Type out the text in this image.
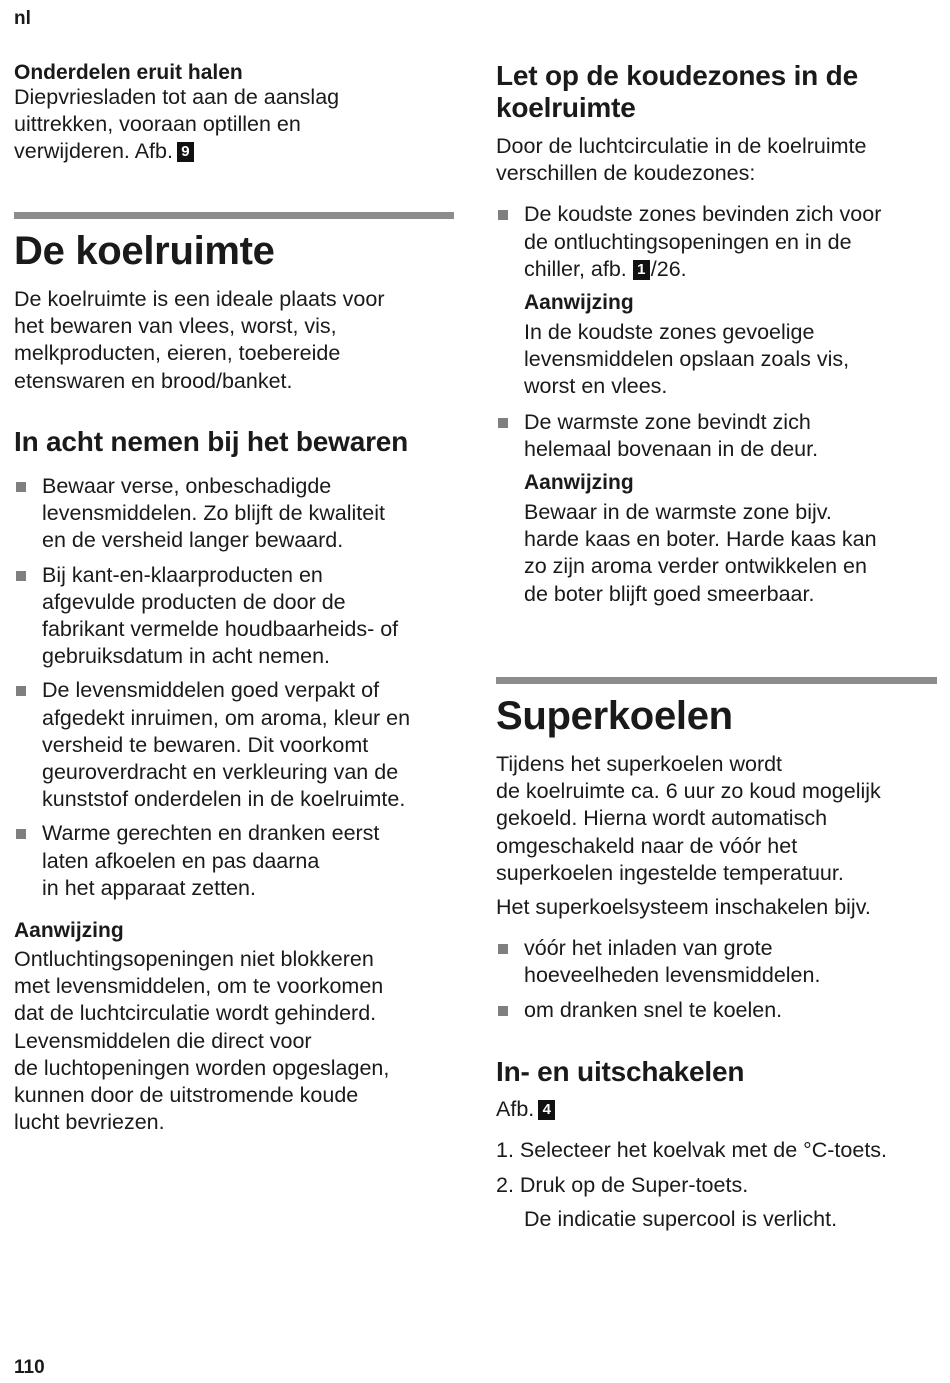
nl

Onderdelen eruit halen

Diepvriesladen tot aan de aanslag
uittrekken, vooraan optillen en
verwijderen. Afb. 9

De koelruimte

De koelruimte is een ideale plaats voor
het bewaren van vlees, worst, vis,
melkproducten, eieren, toebereide
etenswaren en brood/banket.

In acht nemen bij het bewaren
Bewaar verse, onbeschadigde
levensmiddelen. Zo blijft de kwaliteit
en de versheid langer bewaard.
Bij kant-en-klaarproducten en
afgevulde producten de door de
fabrikant vermelde houdbaarheids- of
gebruiksdatum in acht nemen.
De levensmiddelen goed verpakt of
afgedekt inruimen, om aroma, kleur en
versheid te bewaren. Dit voorkomt
geuroverdracht en verkleuring van de
kunststof onderdelen in de koelruimte.
Warme gerechten en dranken eerst
laten afkoelen en pas daarna
in het apparaat zetten.

Aanwijzing

Ontluchtingsopeningen niet blokkeren
met levensmiddelen, om te voorkomen
dat de luchtcirculatie wordt gehinderd.
Levensmiddelen die direct voor
de luchtopeningen worden opgeslagen,
kunnen door de uitstromende koude
lucht bevriezen.

Let op de koudezones in de
koelruimte

Door de luchtcirculatie in de koelruimte
verschillen de koudezones:

De koudste zones bevinden zich voor
de ontluchtingsopeningen en in de
chiller, afb. 1 /26.

Aanwijzing

In de koudste zones gevoelige
levensmiddelen opslaan zoals vis,
worst en vlees.

De warmste zone bevindt zich
helemaal bovenaan in de deur.

Aanwijzing

Bewaar in de warmste zone bijv.
harde kaas en boter. Harde kaas kan
zo zijn aroma verder ontwikkelen en
de boter blijft goed smeerbaar.

Superkoelen

Tijdens het superkoelen wordt
de koelruimte ca. 6 uur zo koud mogelijk
gekoeld. Hierna wordt automatisch
omgeschakeld naar de vóór het
superkoelen ingestelde temperatuur.

Het superkoelsysteem inschakelen bijv.

vóór het inladen van grote
hoeveelheden levensmiddelen.
om dranken snel te koelen.
In- en uitschakelen

Afb. 4

1. Selecteer het koelvak met de °C-toets.
2. Druk op de Super-toets.

De indicatie supercool is verlicht.

110
